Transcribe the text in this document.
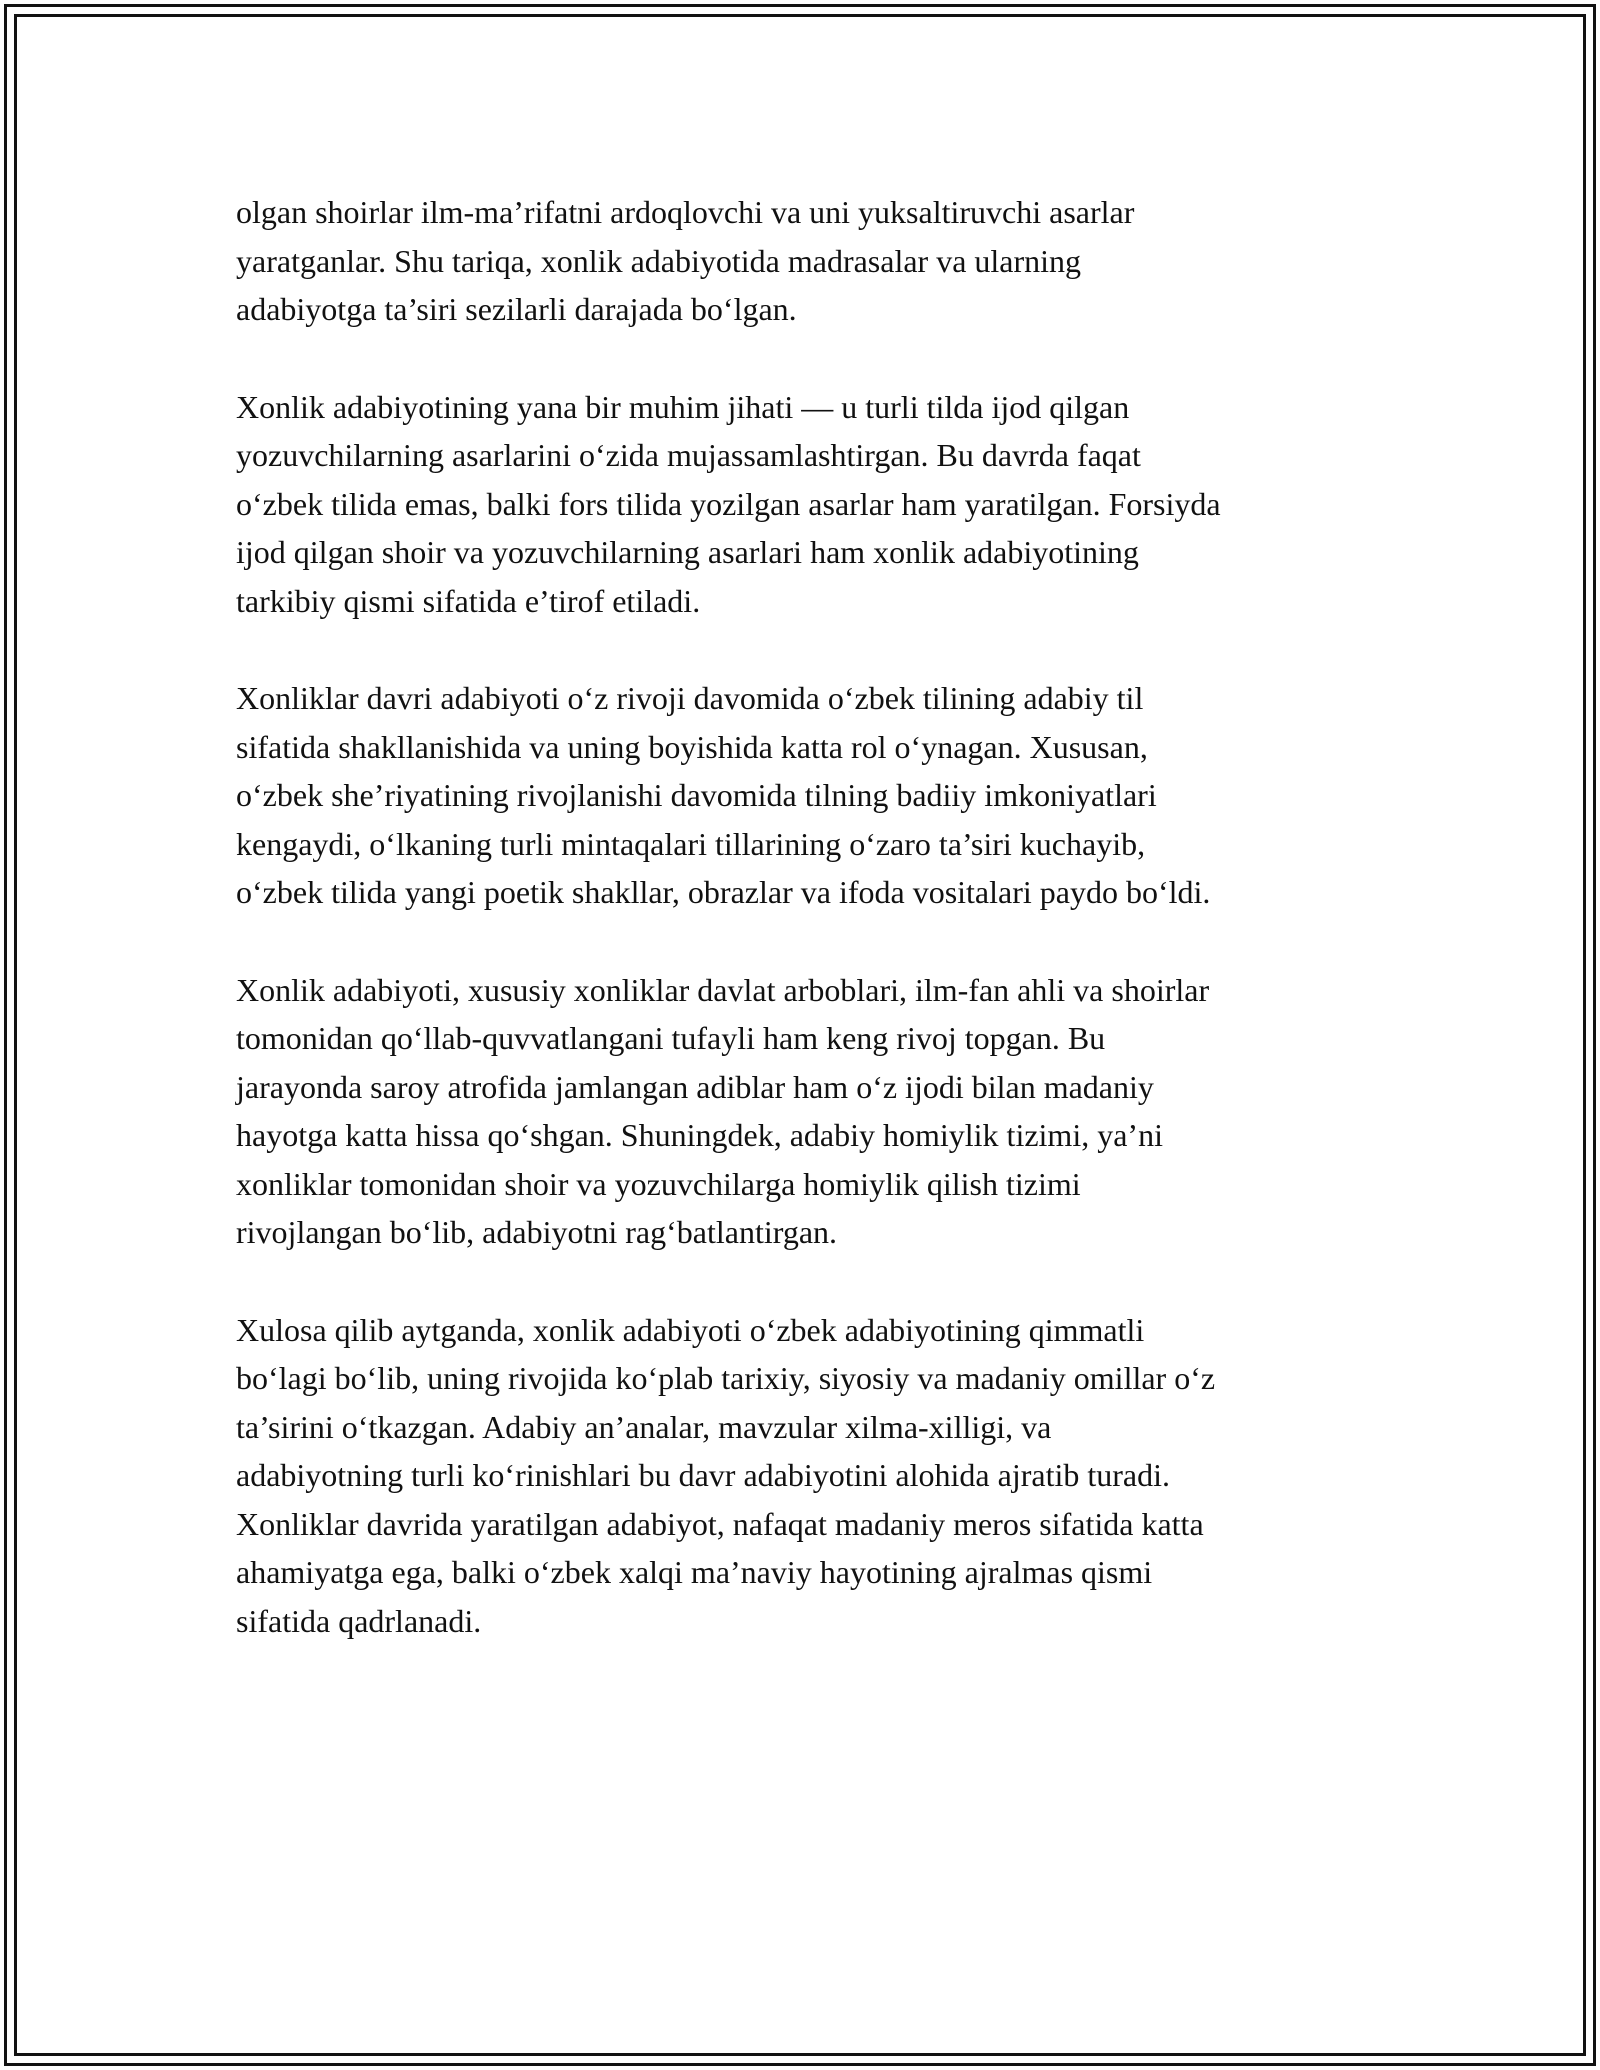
olgan shoirlar ilm-ma’rifatni ardoqlovchi va uni yuksaltiruvchi asarlar
yaratganlar. Shu tariqa, xonlik adabiyotida madrasalar va ularning
adabiyotga ta’siri sezilarli darajada bo‘lgan.

Xonlik adabiyotining yana bir muhim jihati — u turli tilda ijod qilgan
yozuvchilarning asarlarini o‘zida mujassamlashtirgan. Bu davrda faqat
o‘zbek tilida emas, balki fors tilida yozilgan asarlar ham yaratilgan. Forsiyda
ijod qilgan shoir va yozuvchilarning asarlari ham xonlik adabiyotining
tarkibiy qismi sifatida e’tirof etiladi.

Xonliklar davri adabiyoti o‘z rivoji davomida o‘zbek tilining adabiy til
sifatida shakllanishida va uning boyishida katta rol o‘ynagan. Xususan,
o‘zbek she’riyatining rivojlanishi davomida tilning badiiy imkoniyatlari
kengaydi, o‘lkaning turli mintaqalari tillarining o‘zaro ta’siri kuchayib,
o‘zbek tilida yangi poetik shakllar, obrazlar va ifoda vositalari paydo bo‘ldi.

Xonlik adabiyoti, xususiy xonliklar davlat arboblari, ilm-fan ahli va shoirlar
tomonidan qo‘llab-quvvatlangani tufayli ham keng rivoj topgan. Bu
jarayonda saroy atrofida jamlangan adiblar ham o‘z ijodi bilan madaniy
hayotga katta hissa qo‘shgan. Shuningdek, adabiy homiylik tizimi, ya’ni
xonliklar tomonidan shoir va yozuvchilarga homiylik qilish tizimi
rivojlangan bo‘lib, adabiyotni rag‘batlantirgan.

Xulosa qilib aytganda, xonlik adabiyoti o‘zbek adabiyotining qimmatli
bo‘lagi bo‘lib, uning rivojida ko‘plab tarixiy, siyosiy va madaniy omillar o‘z
ta’sirini o‘tkazgan. Adabiy an’analar, mavzular xilma-xilligi, va
adabiyotning turli ko‘rinishlari bu davr adabiyotini alohida ajratib turadi.
Xonliklar davrida yaratilgan adabiyot, nafaqat madaniy meros sifatida katta
ahamiyatga ega, balki o‘zbek xalqi ma’naviy hayotining ajralmas qismi
sifatida qadrlanadi.
